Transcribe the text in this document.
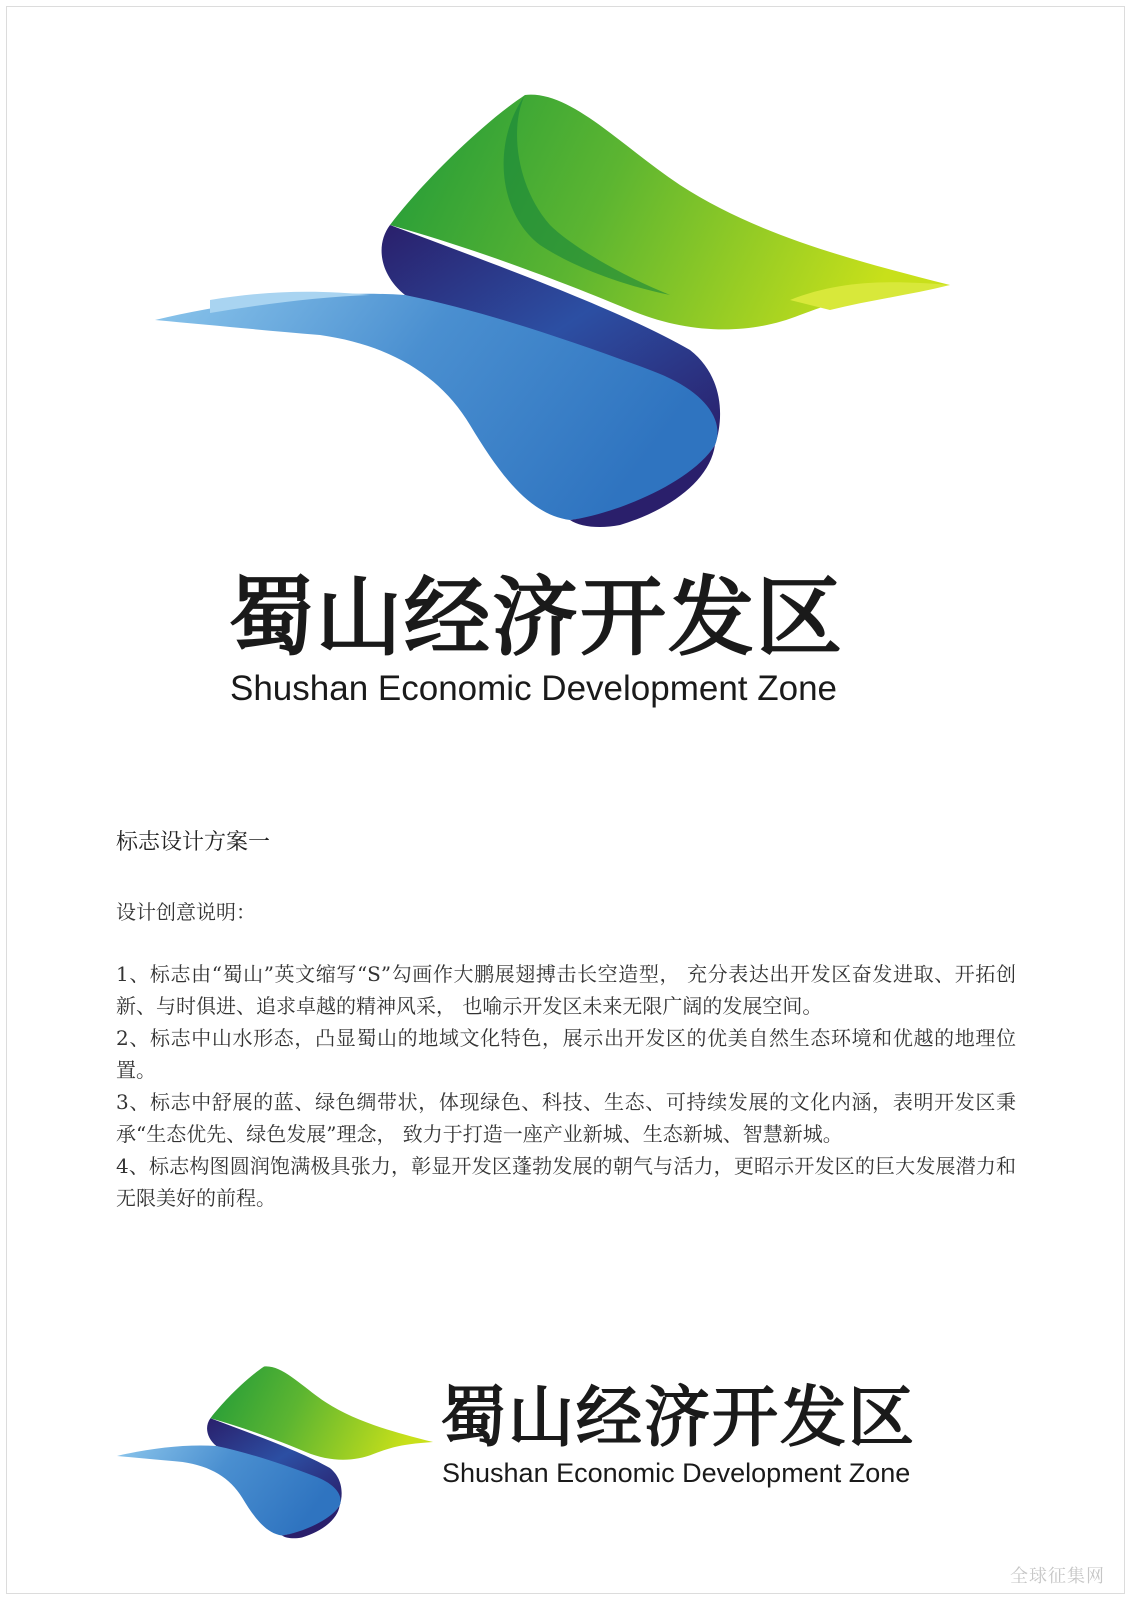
蜀山经济开发区
Shushan Economic Development Zone
标志设计方案一

设计创意说明：

1、标志由“蜀山”英文缩写“S”勾画作大鹏展翅搏击长空造型， 充分表达出开发区奋发进取、开拓创新、与时俱进、追求卓越的精神风采， 也喻示开发区未来无限广阔的发展空间。

2、标志中山水形态，凸显蜀山的地域文化特色，展示出开发区的优美自然生态环境和优越的地理位置。

3、标志中舒展的蓝、绿色绸带状，体现绿色、科技、生态、可持续发展的文化内涵，表明开发区秉承“生态优先、绿色发展”理念， 致力于打造一座产业新城、生态新城、智慧新城。

4、标志构图圆润饱满极具张力，彰显开发区蓬勃发展的朝气与活力，更昭示开发区的巨大发展潜力和无限美好的前程。

蜀山经济开发区
Shushan Economic Development Zone
全球征集网
